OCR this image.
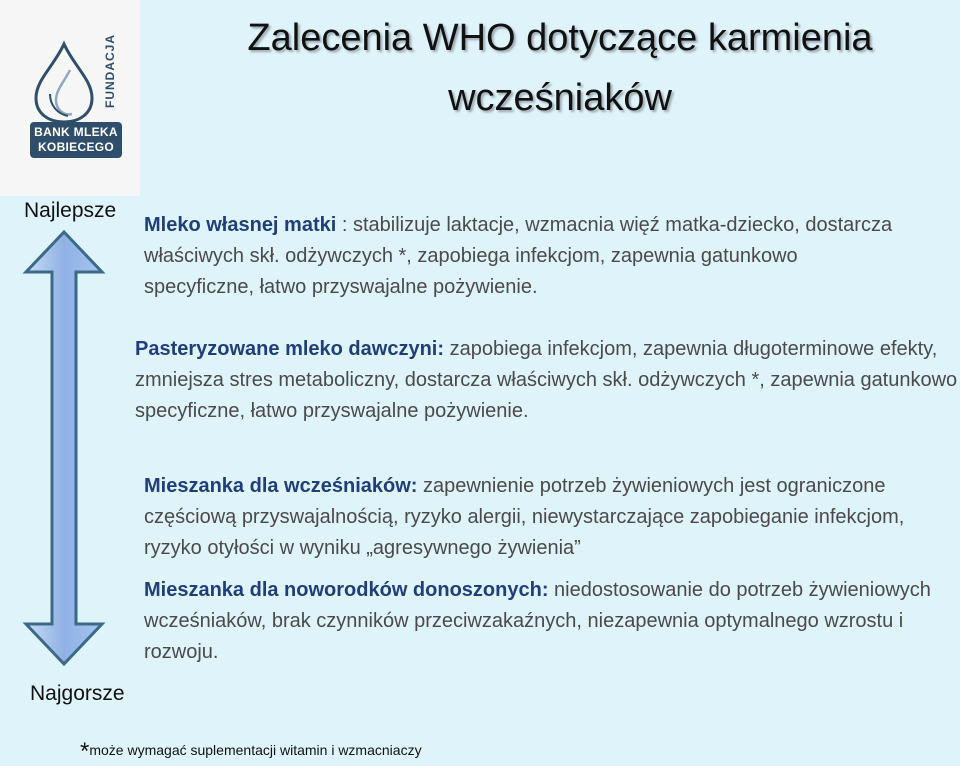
BANK MLEKA
KOBIECEGO
FUNDACJA	Zalecenia WHO dotyczące karmienia
wcześniaków
Najlepsze
Najgorsze
Mleko własnej matki : stabilizuje laktacje, wzmacnia więź matka-dziecko, dostarcza właściwych skł. odżywczych *, zapobiega infekcjom, zapewnia gatunkowo specyficzne, łatwo przyswajalne pożywienie.
Pasteryzowane mleko dawczyni: zapobiega infekcjom, zapewnia długoterminowe efekty, zmniejsza stres metaboliczny, dostarcza właściwych skł. odżywczych *, zapewnia gatunkowo specyficzne, łatwo przyswajalne pożywienie.
Mieszanka dla wcześniaków: zapewnienie potrzeb żywieniowych jest ograniczone częściową przyswajalnością, ryzyko alergii, niewystarczające zapobieganie infekcjom, ryzyko otyłości w wyniku „agresywnego żywienia”
Mieszanka dla noworodków donoszonych: niedostosowanie do potrzeb żywieniowych wcześniaków, brak czynników przeciwzakaźnych, niezapewnia optymalnego wzrostu i rozwoju.
*może wymagać suplementacji witamin i wzmacniaczy
